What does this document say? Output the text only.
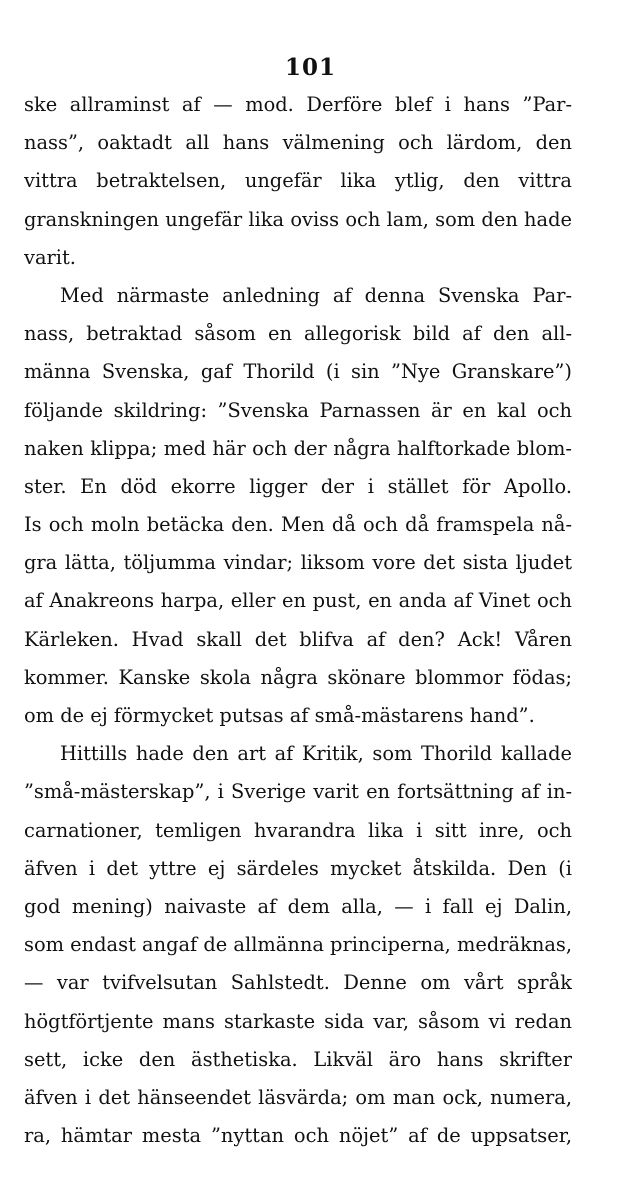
101
ske allraminst af — mod. Derföre blef i hans ”Par-
nass”, oaktadt all hans välmening och lärdom, den
vittra betraktelsen, ungefär lika ytlig, den vittra
granskningen ungefär lika oviss och lam, som den hade
varit.
Med närmaste anledning af denna Svenska Par-
nass, betraktad såsom en allegorisk bild af den all-
männa Svenska, gaf Thorild (i sin ”Nye Granskare”)
följande skildring: ”Svenska Parnassen är en kal och
naken klippa; med här och der några halftorkade blom-
ster. En död ekorre ligger der i stället för Apollo.
Is och moln betäcka den. Men då och då framspela nå-
gra lätta, töljumma vindar; liksom vore det sista ljudet
af Anakreons harpa, eller en pust, en anda af Vinet och
Kärleken. Hvad skall det blifva af den? Ack! Våren
kommer. Kanske skola några skönare blommor födas;
om de ej förmycket putsas af små-mästarens hand”.
Hittills hade den art af Kritik, som Thorild kallade
”små-mästerskap”, i Sverige varit en fortsättning af in-
carnationer, temligen hvarandra lika i sitt inre, och
äfven i det yttre ej särdeles mycket åtskilda. Den (i
god mening) naivaste af dem alla, — i fall ej Dalin,
som endast angaf de allmänna principerna, medräknas,
— var tvifvelsutan Sahlstedt. Denne om vårt språk
högtförtjente mans starkaste sida var, såsom vi redan
sett, icke den ästhetiska. Likväl äro hans skrifter
äfven i det hänseendet läsvärda; om man ock, numera,
ra, hämtar mesta ”nyttan och nöjet” af de uppsatser,
